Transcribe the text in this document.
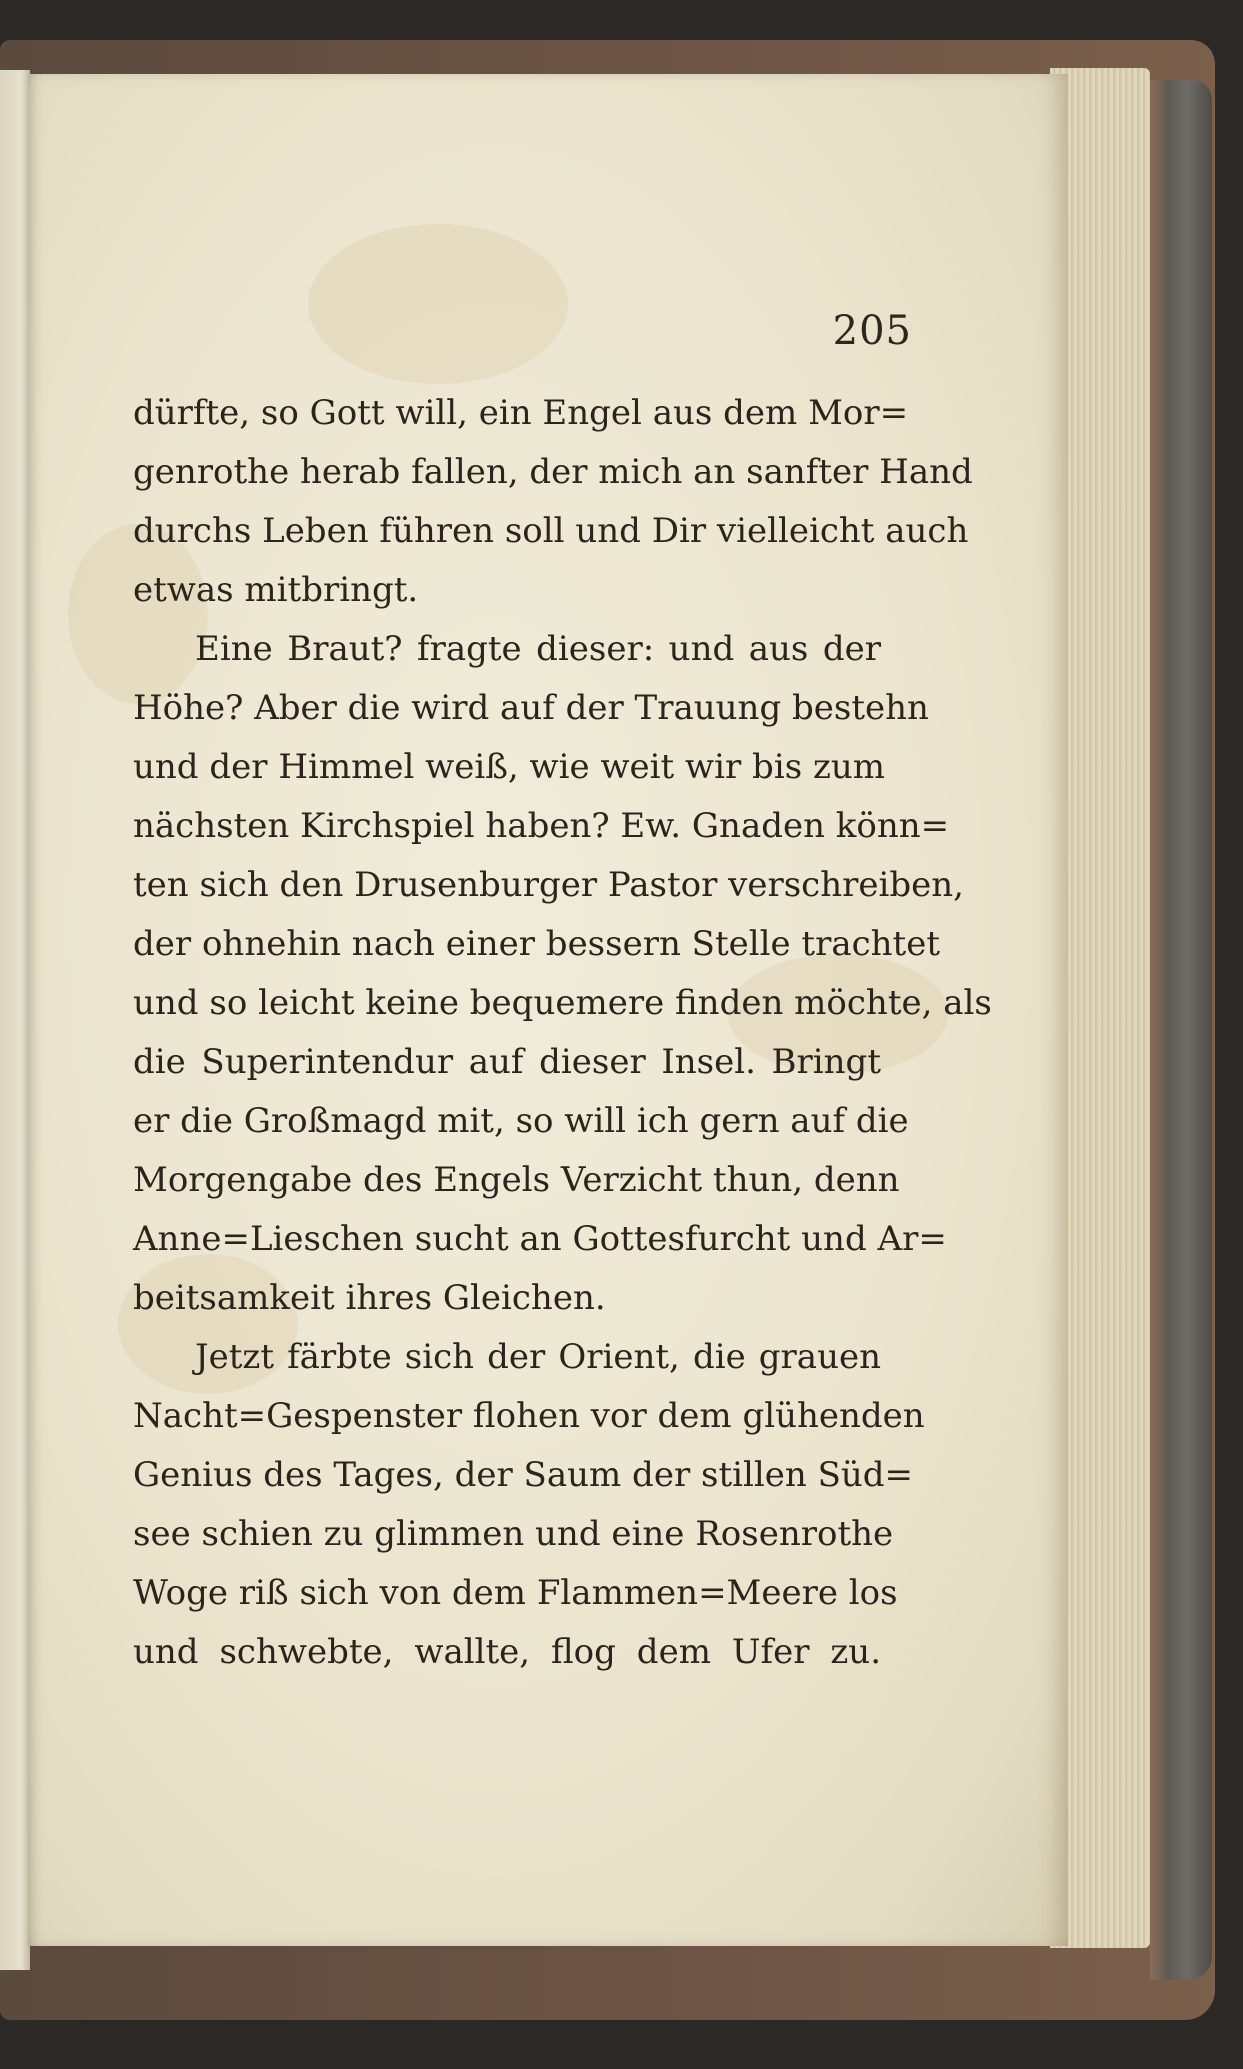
205
dürfte, so Gott will, ein Engel aus dem Mor=
genrothe herab fallen, der mich an sanfter Hand
durchs Leben führen soll und Dir vielleicht auch
etwas mitbringt.
Eine Braut? fragte dieser: und aus der
Höhe? Aber die wird auf der Trauung bestehn
und der Himmel weiß, wie weit wir bis zum
nächsten Kirchspiel haben? Ew. Gnaden könn=
ten sich den Drusenburger Pastor verschreiben,
der ohnehin nach einer bessern Stelle trachtet
und so leicht keine bequemere finden möchte, als
die Superintendur auf dieser Insel. Bringt
er die Großmagd mit, so will ich gern auf die
Morgengabe des Engels Verzicht thun, denn
Anne=Lieschen sucht an Gottesfurcht und Ar=
beitsamkeit ihres Gleichen.
Jetzt färbte sich der Orient, die grauen
Nacht=Gespenster flohen vor dem glühenden
Genius des Tages, der Saum der stillen Süd=
see schien zu glimmen und eine Rosenrothe
Woge riß sich von dem Flammen=Meere los
und schwebte, wallte, flog dem Ufer zu.
